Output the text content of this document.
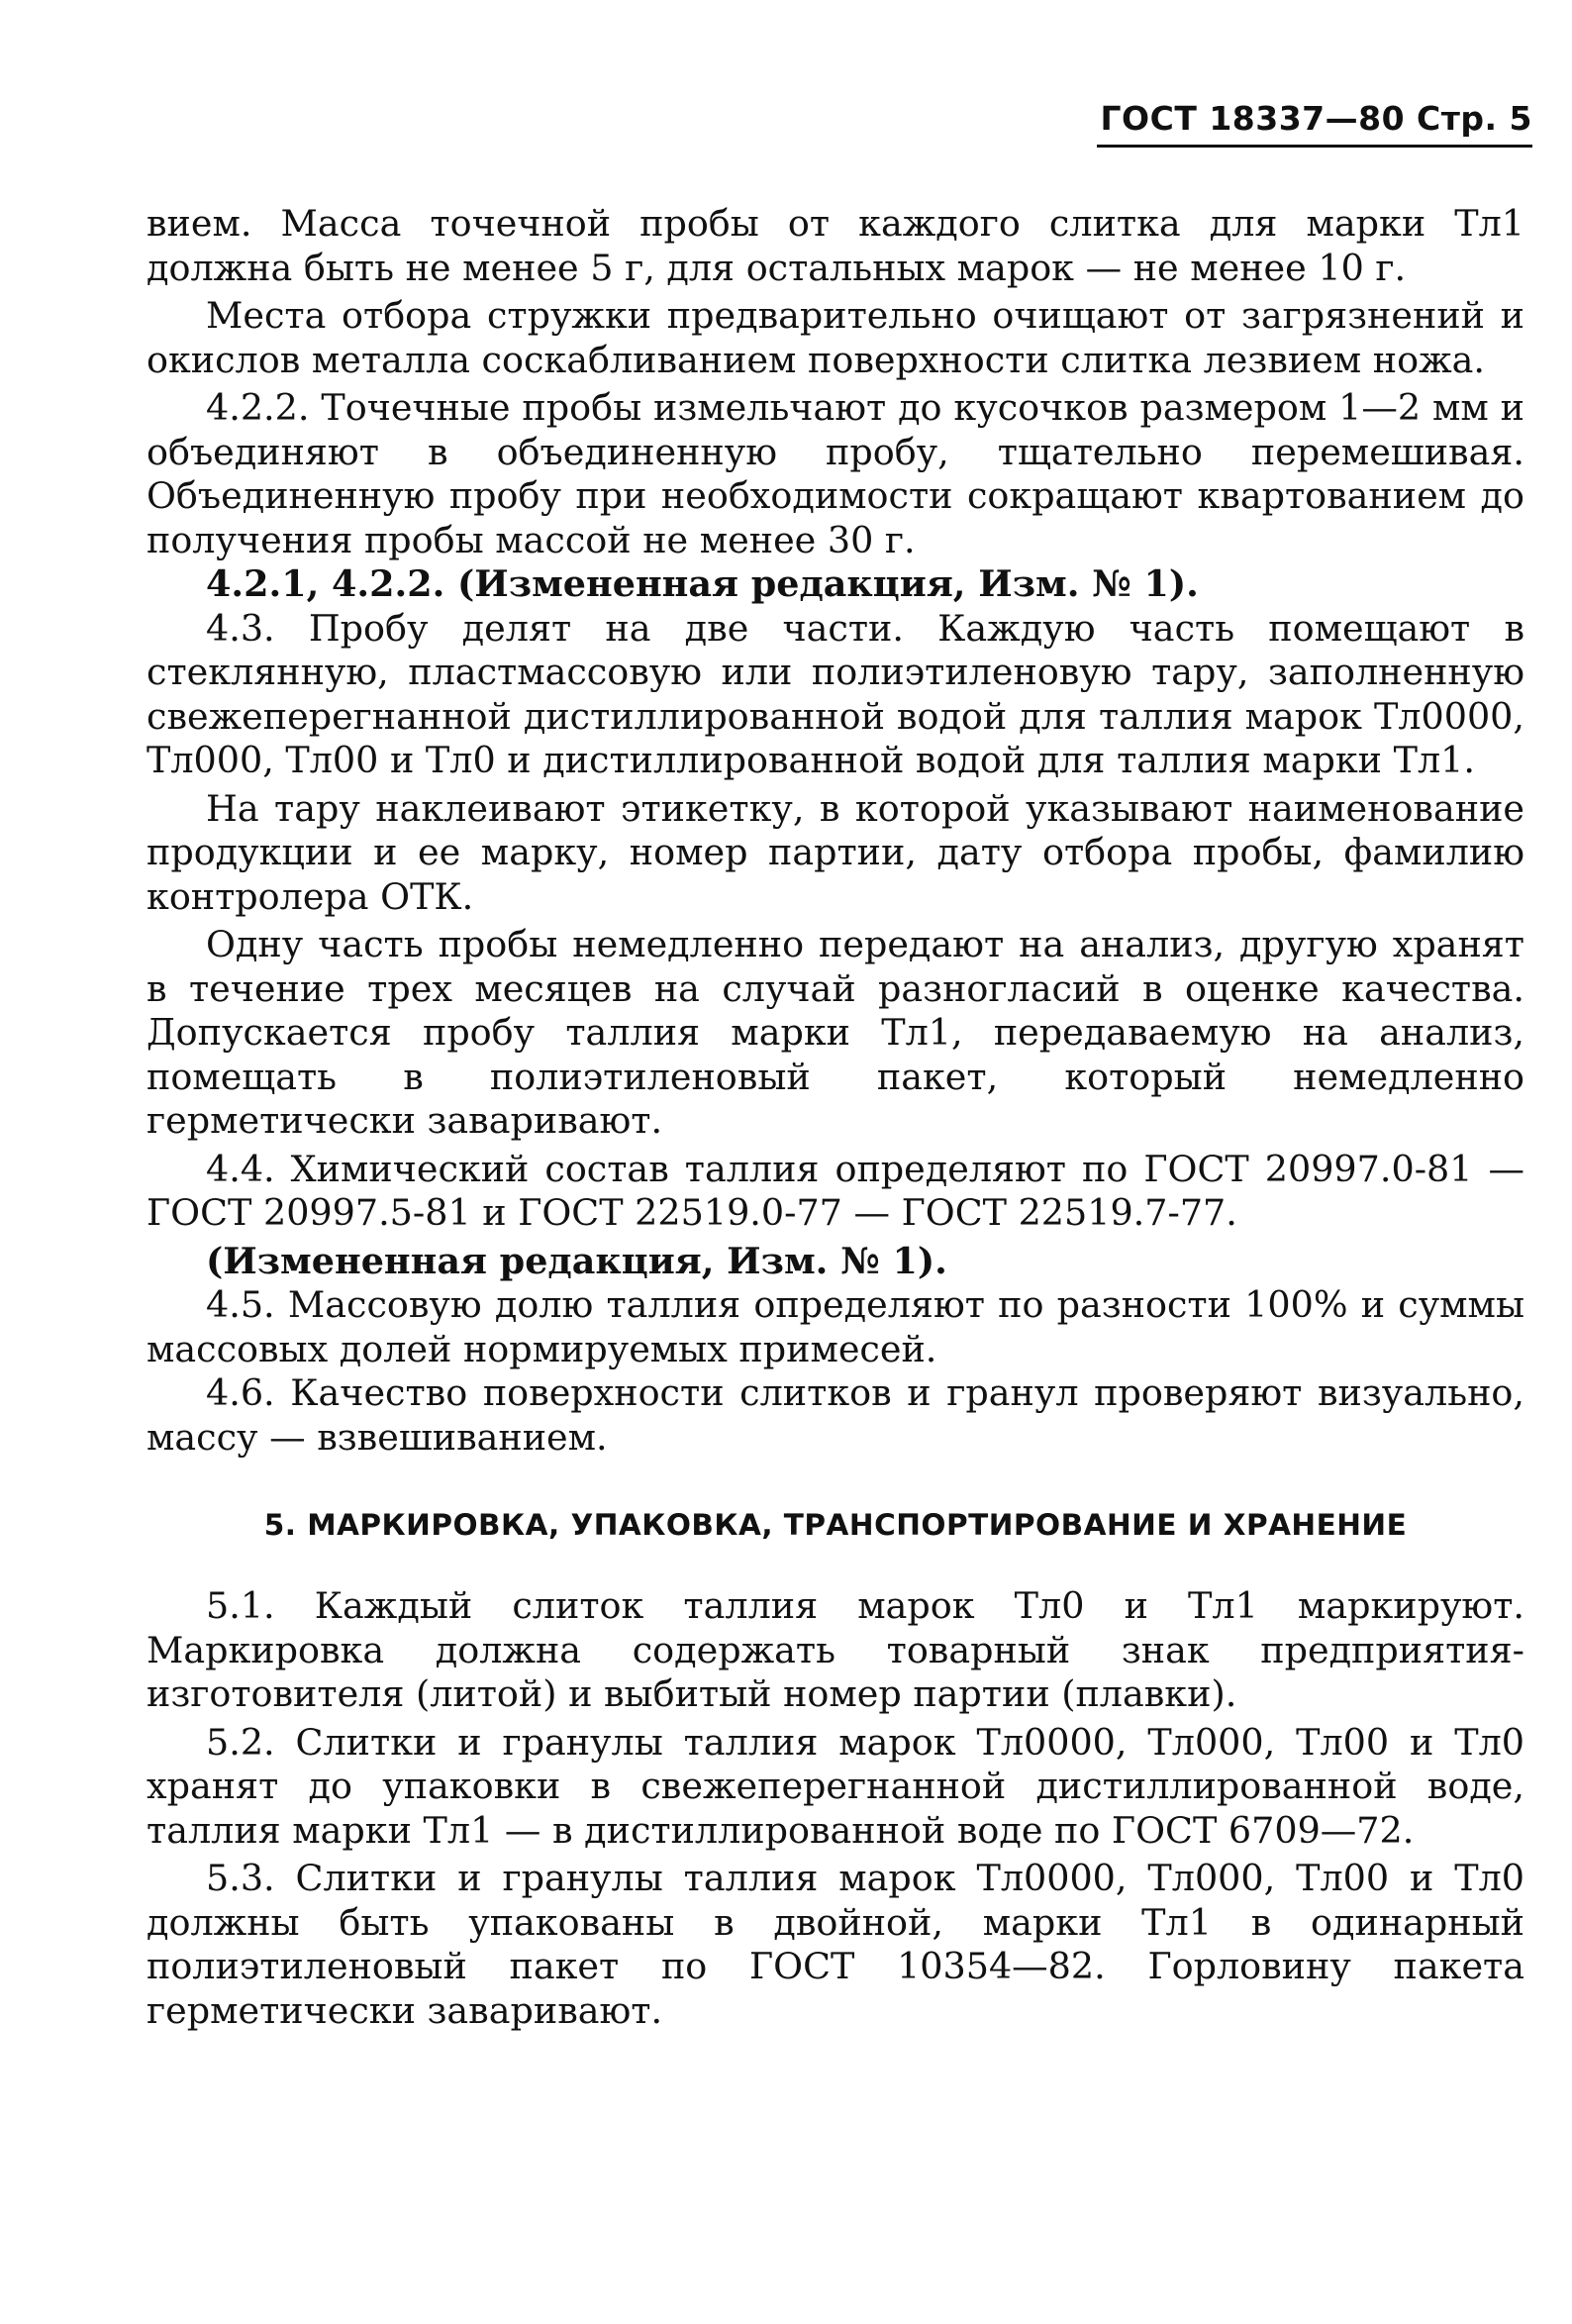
ГОСТ 18337—80 Стр. 5

вием. Масса точечной пробы от каждого слитка для марки Тл1 должна быть не менее 5 г, для остальных марок — не менее 10 г.

Места отбора стружки предварительно очищают от загрязнений и окислов металла соскабливанием поверхности слитка лезвием ножа.

4.2.2. Точечные пробы измельчают до кусочков размером 1—2 мм и объединяют в объединенную пробу, тщательно перемешивая. Объединенную пробу при необходимости сокращают квартованием до получения пробы массой не менее 30 г.

4.2.1, 4.2.2. (Измененная редакция, Изм. № 1).

4.3. Пробу делят на две части. Каждую часть помещают в стеклянную, пластмассовую или полиэтиленовую тару, заполненную свежеперегнанной дистиллированной водой для таллия марок Тл0000, Тл000, Тл00 и Тл0 и дистиллированной водой для таллия марки Тл1.

На тару наклеивают этикетку, в которой указывают наименование продукции и ее марку, номер партии, дату отбора пробы, фамилию контролера ОТК.

Одну часть пробы немедленно передают на анализ, другую хранят в течение трех месяцев на случай разногласий в оценке качества. Допускается пробу таллия марки Тл1, передаваемую на анализ, помещать в полиэтиленовый пакет, который немедленно герметически заваривают.

4.4. Химический состав таллия определяют по ГОСТ 20997.0-81 — ГОСТ 20997.5-81 и ГОСТ 22519.0-77 — ГОСТ 22519.7-77.

(Измененная редакция, Изм. № 1).

4.5. Массовую долю таллия определяют по разности 100% и суммы массовых долей нормируемых примесей.

4.6. Качество поверхности слитков и гранул проверяют визуально, массу — взвешиванием.

5. МАРКИРОВКА, УПАКОВКА, ТРАНСПОРТИРОВАНИЕ И ХРАНЕНИЕ

5.1. Каждый слиток таллия марок Тл0 и Тл1 маркируют. Маркировка должна содержать товарный знак предприятия-изготовителя (литой) и выбитый номер партии (плавки).

5.2. Слитки и гранулы таллия марок Тл0000, Тл000, Тл00 и Тл0 хранят до упаковки в свежеперегнанной дистиллированной воде, таллия марки Тл1 — в дистиллированной воде по ГОСТ 6709—72.

5.3. Слитки и гранулы таллия марок Тл0000, Тл000, Тл00 и Тл0 должны быть упакованы в двойной, марки Тл1 в одинарный полиэтиленовый пакет по ГОСТ 10354—82. Горловину пакета герметически заваривают.
